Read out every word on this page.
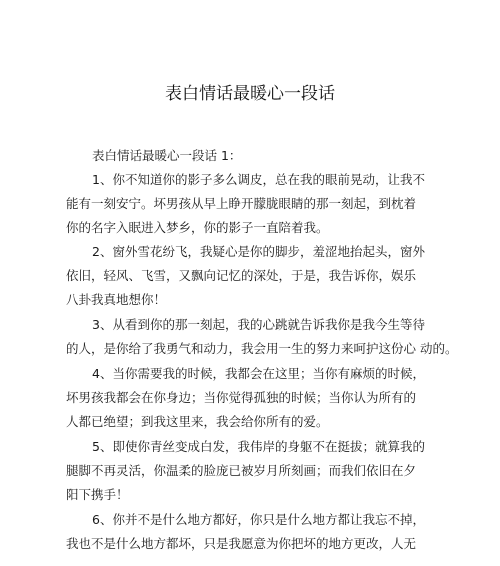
表白情话最暖心一段话
表白情话最暖心一段话 1：
1、你不知道你的影子多么调皮，总在我的眼前晃动，让我不
能有一刻安宁。坏男孩从早上睁开朦胧眼睛的那一刻起，到枕着
你的名字入眠进入梦乡，你的影子一直陪着我。
2、窗外雪花纷飞，我疑心是你的脚步，羞涩地抬起头，窗外
依旧，轻风、飞雪，又飘向记忆的深处，于是，我告诉你，娱乐
八卦我真地想你！
3、从看到你的那一刻起，我的心跳就告诉我你是我今生等待
的人，是你给了我勇气和动力，我会用一生的努力来呵护这份心 动的。
4、当你需要我的时候，我都会在这里；当你有麻烦的时候，
坏男孩我都会在你身边；当你觉得孤独的时候；当你认为所有的
人都已绝望；到我这里来，我会给你所有的爱。
5、即使你青丝变成白发，我伟岸的身躯不在挺拔；就算我的
腿脚不再灵活，你温柔的脸庞已被岁月所刻画；而我们依旧在夕
阳下携手！
6、你并不是什么地方都好，你只是什么地方都让我忘不掉，
我也不是什么地方都坏，只是我愿意为你把坏的地方更改，人无
